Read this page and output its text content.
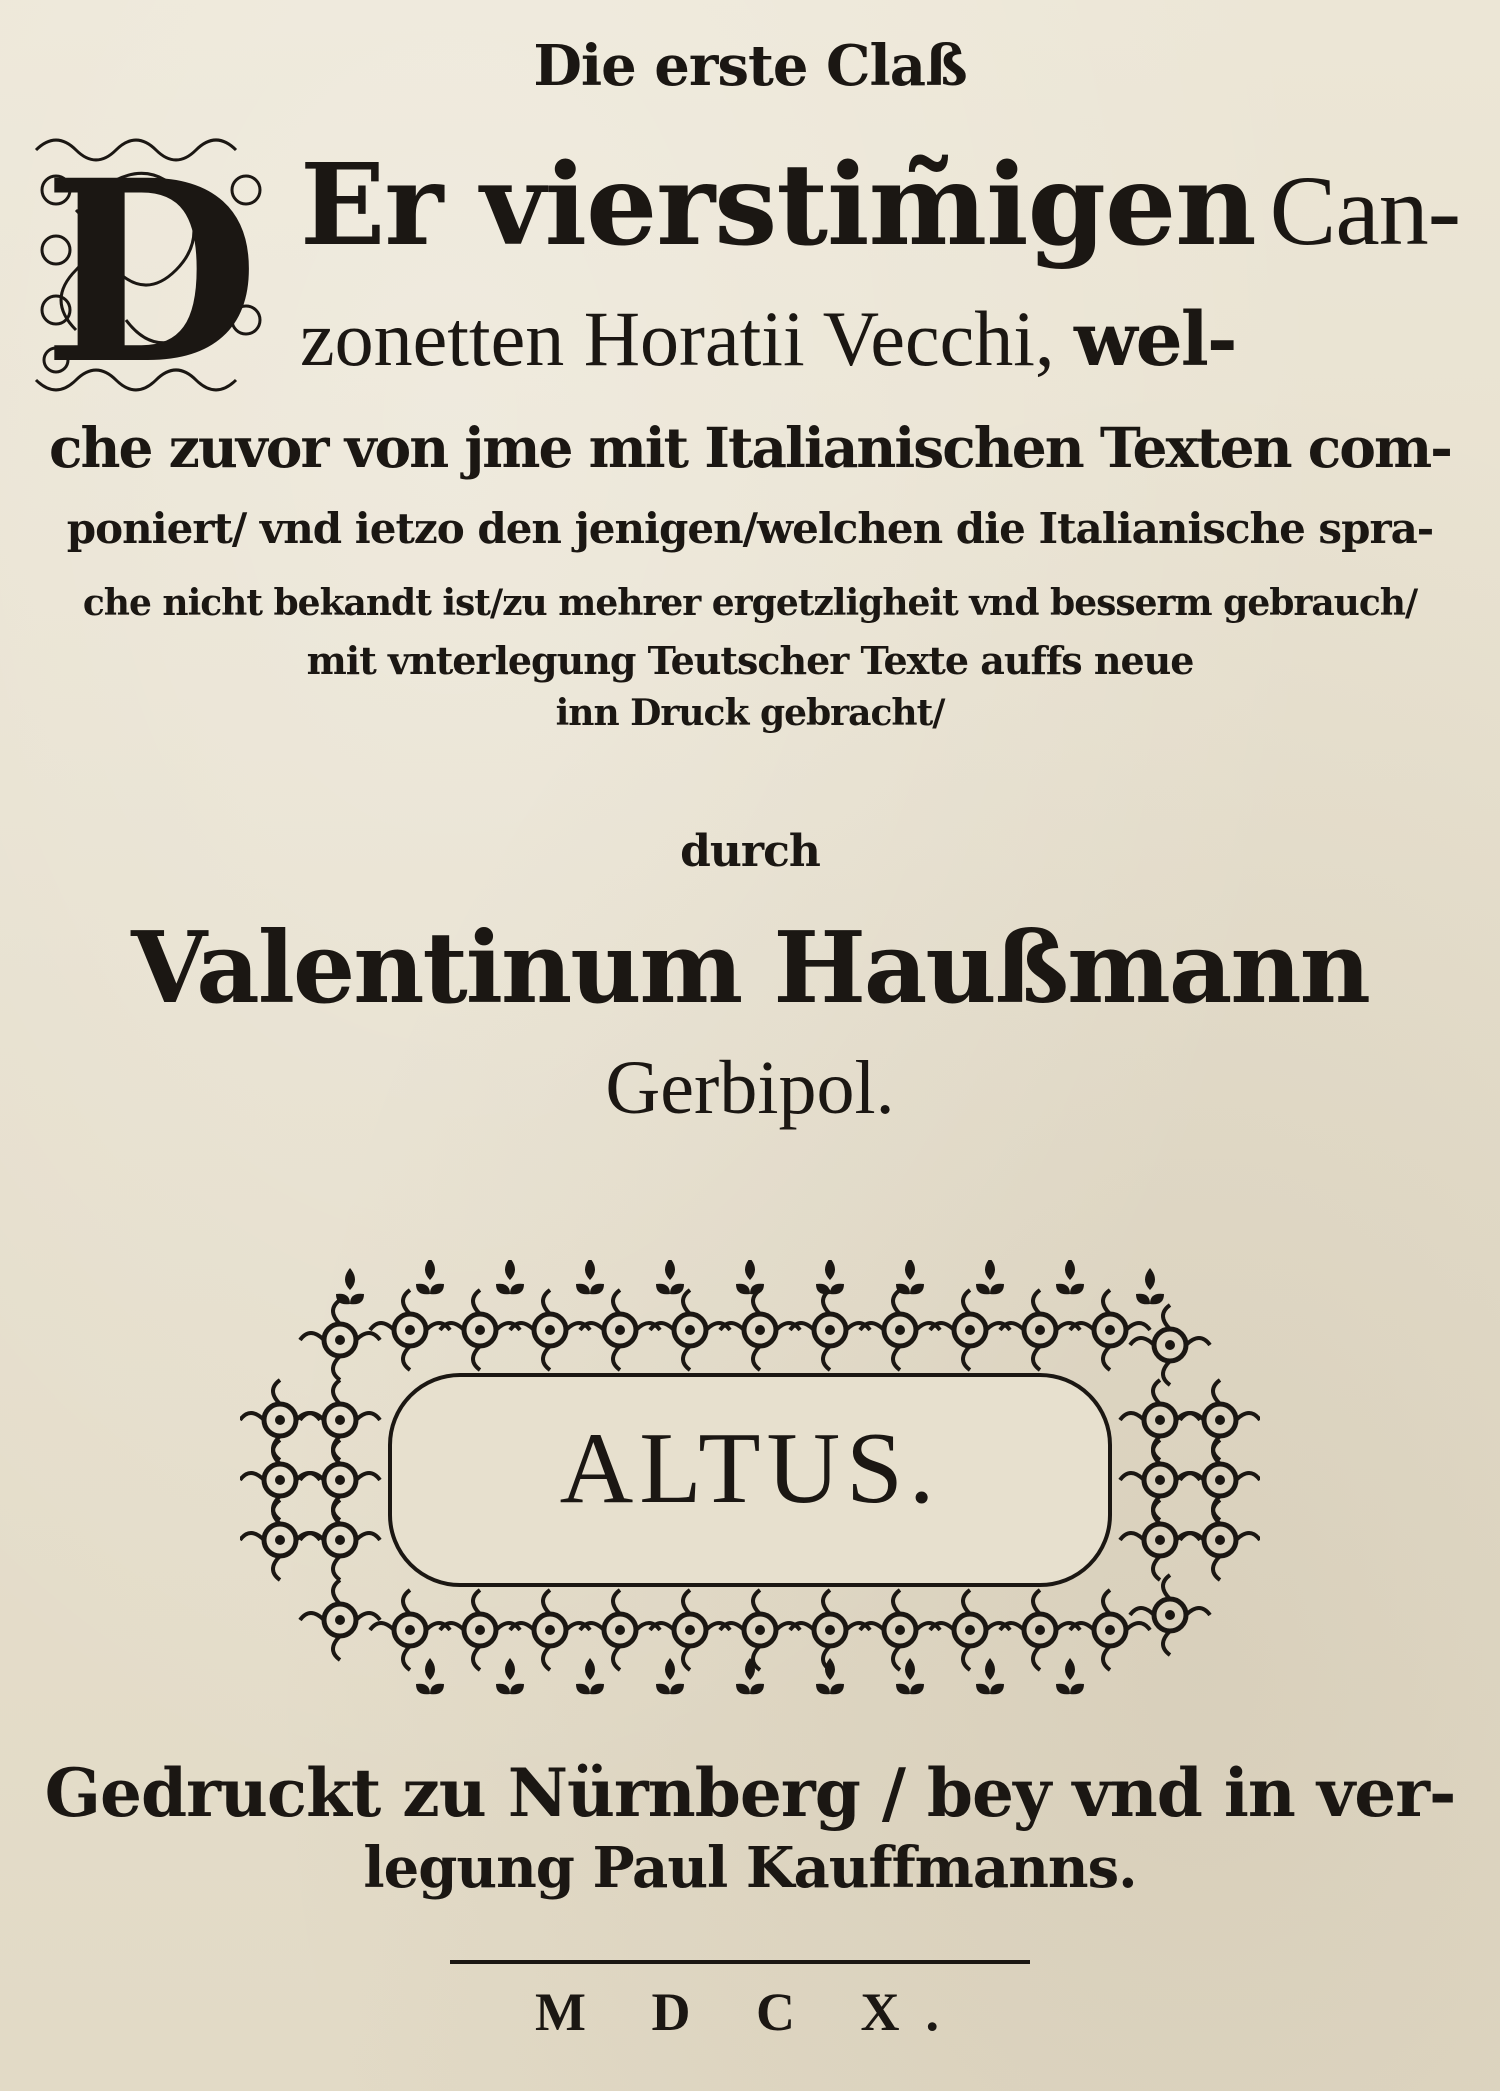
Die erste Claß
D Er vierstim̃igen Can-
zonetten Horatii Vecchi, wel-
che zuvor von jme mit Italianischen Texten com-
poniert/ vnd ietzo den jenigen/welchen die Italianische spra-
che nicht bekandt ist/zu mehrer ergetzligheit vnd besserm gebrauch/
mit vnterlegung Teutscher Texte auffs neue
inn Druck gebracht/
durch
Valentinum Haußmann
Gerbipol.
ALTUS.
Gedruckt zu Nürnberg / bey vnd in ver-
legung Paul Kauffmanns.
M D C X.
